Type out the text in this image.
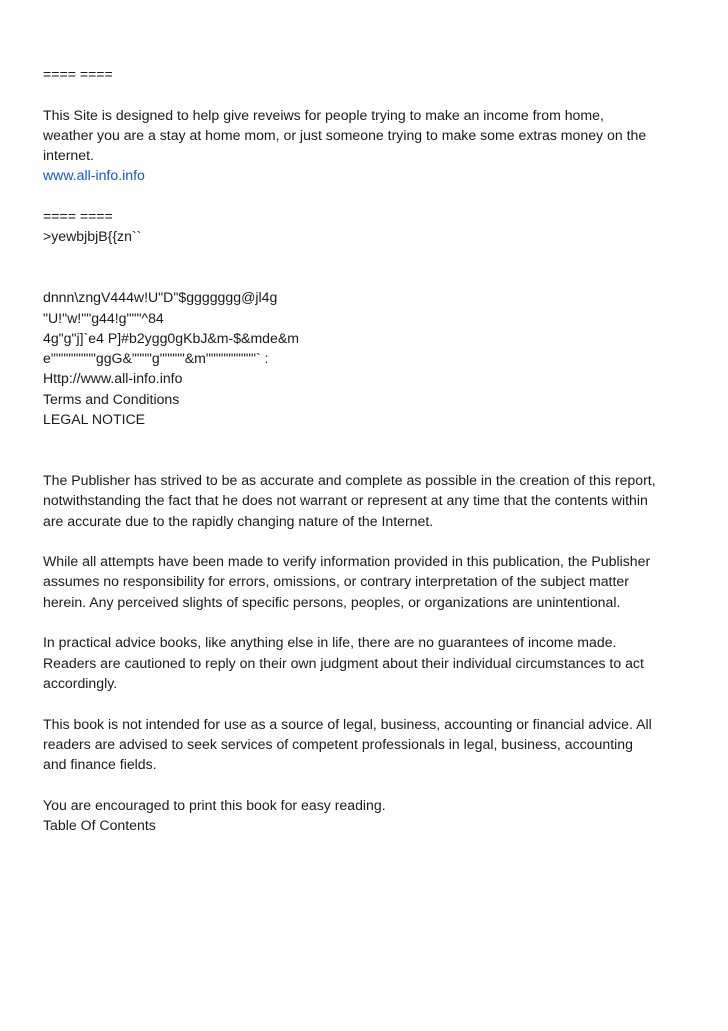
==== ====
This Site is designed to help give reveiws for people trying to make an income from home,
weather you are a stay at home mom, or just someone trying to make some extras money on the
internet.
www.all-info.info
==== ====
>yewbjbjB{{zn``
dnnn\zngV444w!U"D"$ggggggg@jl4g
"U!"w!""g44!g"""^84
4g"g"j]`e4 P]#b2ygg0gKbJ&m-$&mde&m
e"""""""""ggG&""""g"""""&m""""""""""` :
Http://www.all-info.info
Terms and Conditions
LEGAL NOTICE
The Publisher has strived to be as accurate and complete as possible in the creation of this report,
notwithstanding the fact that he does not warrant or represent at any time that the contents within
are accurate due to the rapidly changing nature of the Internet.
While all attempts have been made to verify information provided in this publication, the Publisher
assumes no responsibility for errors, omissions, or contrary interpretation of the subject matter
herein. Any perceived slights of specific persons, peoples, or organizations are unintentional.
In practical advice books, like anything else in life, there are no guarantees of income made.
Readers are cautioned to reply on their own judgment about their individual circumstances to act
accordingly.
This book is not intended for use as a source of legal, business, accounting or financial advice. All
readers are advised to seek services of competent professionals in legal, business, accounting
and finance fields.
You are encouraged to print this book for easy reading.
Table Of Contents
